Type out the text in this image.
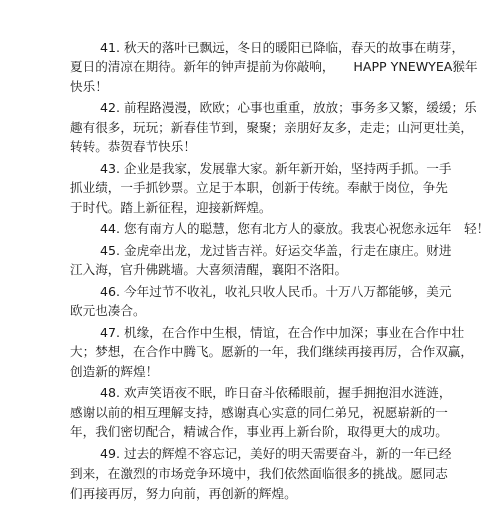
41. 秋天的落叶已飘远，冬日的暖阳已降临，春天的故事在萌芽，
夏日的清凉在期待。新年的钟声提前为你敲响，　　HAPP YNEWYEA猴年
快乐！
42. 前程路漫漫，欧欧；心事也重重，放放；事务多又繁，缓缓；乐
趣有很多，玩玩；新春佳节到，聚聚；亲朋好友多，走走；山河更壮美，
转转。恭贺春节快乐！
43. 企业是我家，发展靠大家。新年新开始，坚持两手抓。一手
抓业绩，一手抓钞票。立足于本职，创新于传统。奉献于岗位，争先
于时代。踏上新征程，迎接新辉煌。
44. 您有南方人的聪慧，您有北方人的豪放。我衷心祝您永远年　轻！
45. 金虎牵出龙，龙过皆吉祥。好运交华盖，行走在康庄。财进
江入海，官升佛跳墙。大喜须清醒，襄阳不洛阳。
46. 今年过节不收礼，收礼只收人民币。十万八万都能够，美元
欧元也凑合。
47. 机缘，在合作中生根，情谊，在合作中加深；事业在合作中壮
大；梦想，在合作中腾飞。愿新的一年，我们继续再接再厉，合作双赢，
创造新的辉煌！
48. 欢声笑语夜不眠，昨日奋斗依稀眼前，握手拥抱泪水涟涟，
感谢以前的相互理解支持，感谢真心实意的同仁弟兄，祝愿崭新的一
年，我们密切配合，精诚合作，事业再上新台阶，取得更大的成功。
49. 过去的辉煌不容忘记，美好的明天需要奋斗，新的一年已经
到来，在激烈的市场竞争环境中，我们依然面临很多的挑战。愿同志
们再接再厉，努力向前，再创新的辉煌。
